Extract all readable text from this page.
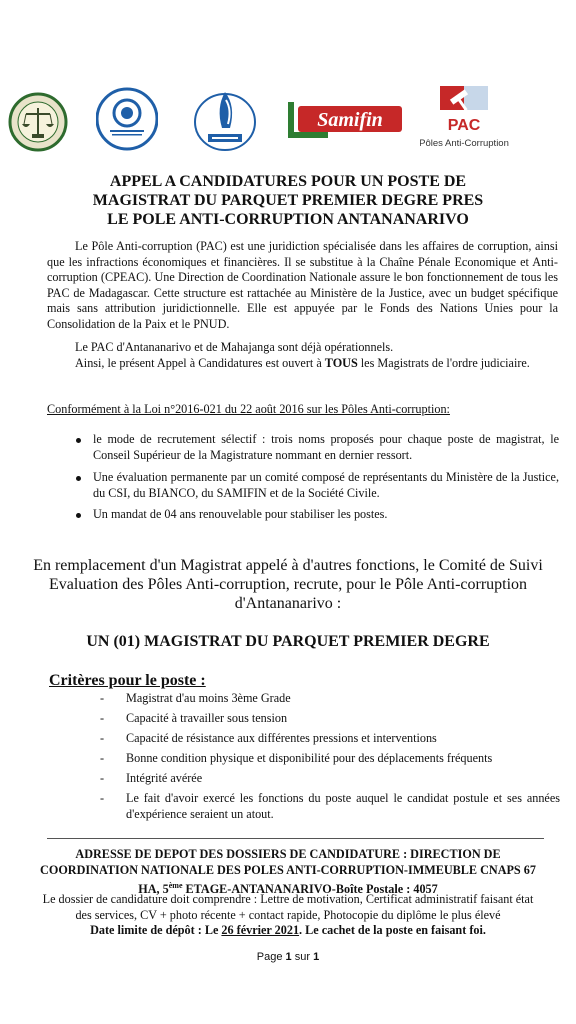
Samifin	PAC
Pôles Anti-Corruption
APPEL A CANDIDATURES POUR UN POSTE DE
MAGISTRAT DU PARQUET PREMIER DEGRE PRES
LE POLE ANTI-CORRUPTION ANTANANARIVO
Le Pôle Anti-corruption (PAC) est une juridiction spécialisée dans les affaires de corruption, ainsi que les infractions économiques et financières. Il se substitue à la Chaîne Pénale Economique et Anti-corruption (CPEAC). Une Direction de Coordination Nationale assure le bon fonctionnement de tous les PAC de Madagascar. Cette structure est rattachée au Ministère de la Justice, avec un budget spécifique mais sans attribution juridictionnelle. Elle est appuyée par le Fonds des Nations Unies pour la Consolidation de la Paix et le PNUD.
Le PAC d'Antananarivo et de Mahajanga sont déjà opérationnels.
Ainsi, le présent Appel à Candidatures est ouvert à TOUS les Magistrats de l'ordre judiciaire.
Conformément à la Loi n°2016-021 du 22 août 2016 sur les Pôles Anti-corruption:
le mode de recrutement sélectif : trois noms proposés pour chaque poste de magistrat, le Conseil Supérieur de la Magistrature nommant en dernier ressort.
Une évaluation permanente par un comité composé de représentants du Ministère de la Justice, du CSI, du BIANCO, du SAMIFIN et de la Société Civile.
Un mandat de 04 ans renouvelable pour stabiliser les postes.
En remplacement d'un Magistrat appelé à d'autres fonctions, le Comité de Suivi
Evaluation des Pôles Anti-corruption, recrute, pour le Pôle Anti-corruption
d'Antananarivo :
UN (01) MAGISTRAT DU PARQUET PREMIER DEGRE
Critères pour le poste :
- Magistrat d'au moins 3ème Grade
- Capacité à travailler sous tension
- Capacité de résistance aux différentes pressions et interventions
- Bonne condition physique et disponibilité pour des déplacements fréquents
- Intégrité avérée
- Le fait d'avoir exercé les fonctions du poste auquel le candidat postule et ses années d'expérience seraient un atout.
ADRESSE DE DEPOT DES DOSSIERS DE CANDIDATURE : DIRECTION DE
COORDINATION NATIONALE DES POLES ANTI-CORRUPTION-IMMEUBLE CNAPS 67
HA, 5ème ETAGE-ANTANANARIVO-Boîte Postale : 4057
Le dossier de candidature doit comprendre : Lettre de motivation, Certificat administratif faisant état
des services, CV + photo récente + contact rapide, Photocopie du diplôme le plus élevé
Date limite de dépôt : Le 26 février 2021. Le cachet de la poste en faisant foi.
Page 1 sur 1
